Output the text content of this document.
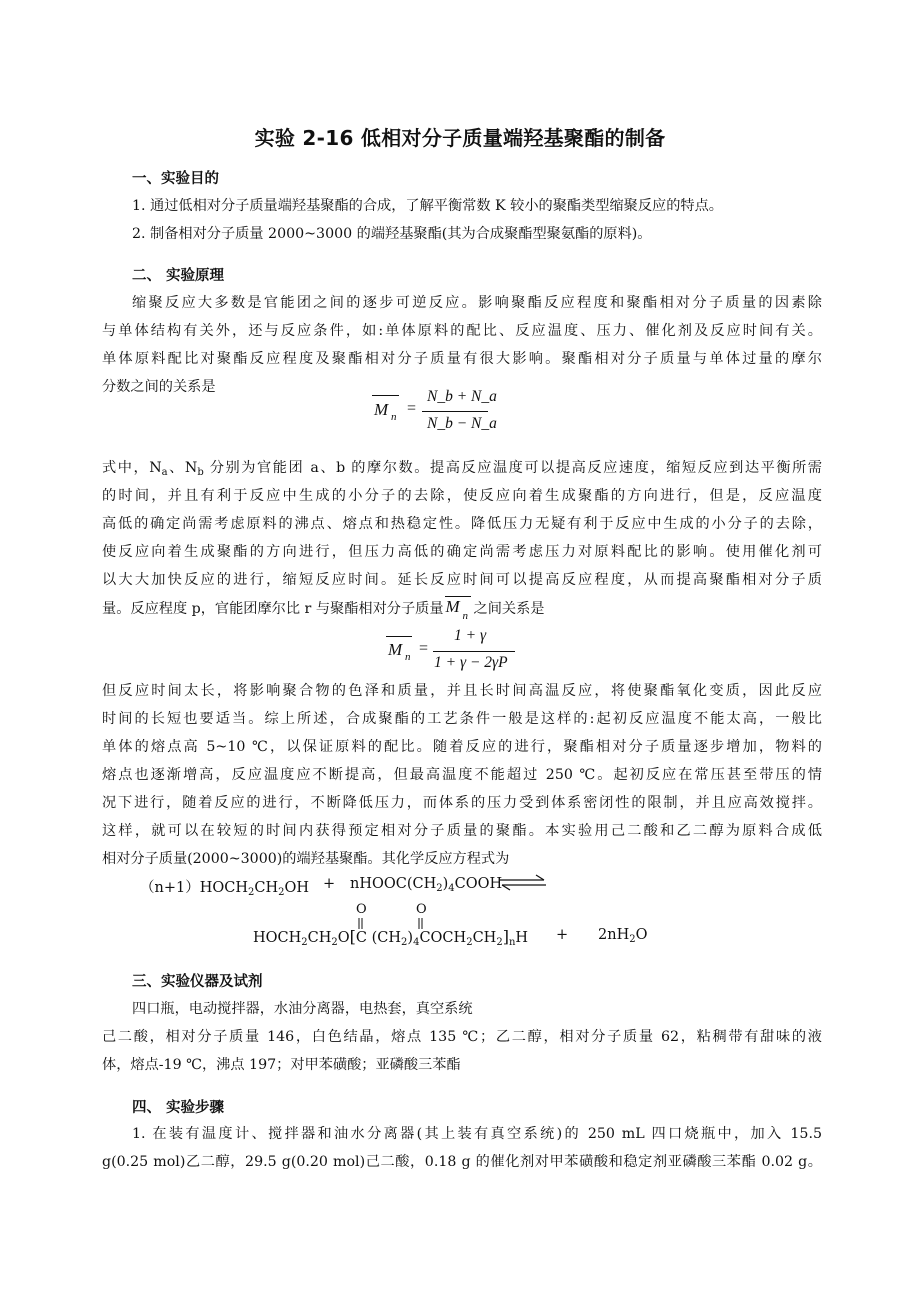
实验 2-16 低相对分子质量端羟基聚酯的制备
一、实验目的
1. 通过低相对分子质量端羟基聚酯的合成，了解平衡常数 K 较小的聚酯类型缩聚反应的特点。
2. 制备相对分子质量 2000~3000 的端羟基聚酯(其为合成聚酯型聚氨酯的原料)。
二、 实验原理
缩聚反应大多数是官能团之间的逐步可逆反应。影响聚酯反应程度和聚酯相对分子质量的因素除
与单体结构有关外，还与反应条件，如:单体原料的配比、反应温度、压力、催化剂及反应时间有关。
单体原料配比对聚酯反应程度及聚酯相对分子质量有很大影响。聚酯相对分子质量与单体过量的摩尔
分数之间的关系是
M n =
N_b + N_a
N_b − N_a
式中，$N_a$、$N_b$ 分别为官能团 a、b 的摩尔数。提高反应温度可以提高反应速度，缩短反应到达平衡所需
的时间，并且有利于反应中生成的小分子的去除，使反应向着生成聚酯的方向进行，但是，反应温度
高低的确定尚需考虑原料的沸点、熔点和热稳定性。降低压力无疑有利于反应中生成的小分子的去除，
使反应向着生成聚酯的方向进行，但压力高低的确定尚需考虑压力对原料配比的影响。使用催化剂可
以大大加快反应的进行，缩短反应时间。延长反应时间可以提高反应程度，从而提高聚酯相对分子质
量。反应程度 p，官能团摩尔比 r 与聚酯相对分子质量 M n 之间关系是
M n =
1 + γ
1 + γ − 2γP
但反应时间太长，将影响聚合物的色泽和质量，并且长时间高温反应，将使聚酯氧化变质，因此反应
时间的长短也要适当。综上所述，合成聚酯的工艺条件一般是这样的:起初反应温度不能太高，一般比
单体的熔点高 5~10 ℃，以保证原料的配比。随着反应的进行，聚酯相对分子质量逐步增加，物料的
熔点也逐渐增高，反应温度应不断提高，但最高温度不能超过 250 ℃。起初反应在常压甚至带压的情
况下进行，随着反应的进行，不断降低压力，而体系的压力受到体系密闭性的限制，并且应高效搅拌。
这样，就可以在较短的时间内获得预定相对分子质量的聚酯。本实验用己二酸和乙二醇为原料合成低
相对分子质量(2000~3000)的端羟基聚酯。其化学反应方程式为
$(n+1)HOCH_2CH_2OH$ + $nHOOC(CH_2)_4COOH$
O	O
$HOCH_2CH_2O[C$ $(CH_2)_4COCH_2CH_2]_nH + 2nH_2O$
三、实验仪器及试剂
四口瓶，电动搅拌器，水油分离器，电热套，真空系统
己二酸，相对分子质量 146，白色结晶，熔点 135 ℃；乙二醇，相对分子质量 62，粘稠带有甜味的液
体，熔点-19 ℃，沸点 197；对甲苯磺酸；亚磷酸三苯酯
四、 实验步骤
1. 在装有温度计、搅拌器和油水分离器(其上装有真空系统)的 250 mL 四口烧瓶中，加入 15.5
g(0.25 mol)乙二醇，29.5 g(0.20 mol)己二酸，0.18 g 的催化剂对甲苯磺酸和稳定剂亚磷酸三苯酯 0.02 g。
